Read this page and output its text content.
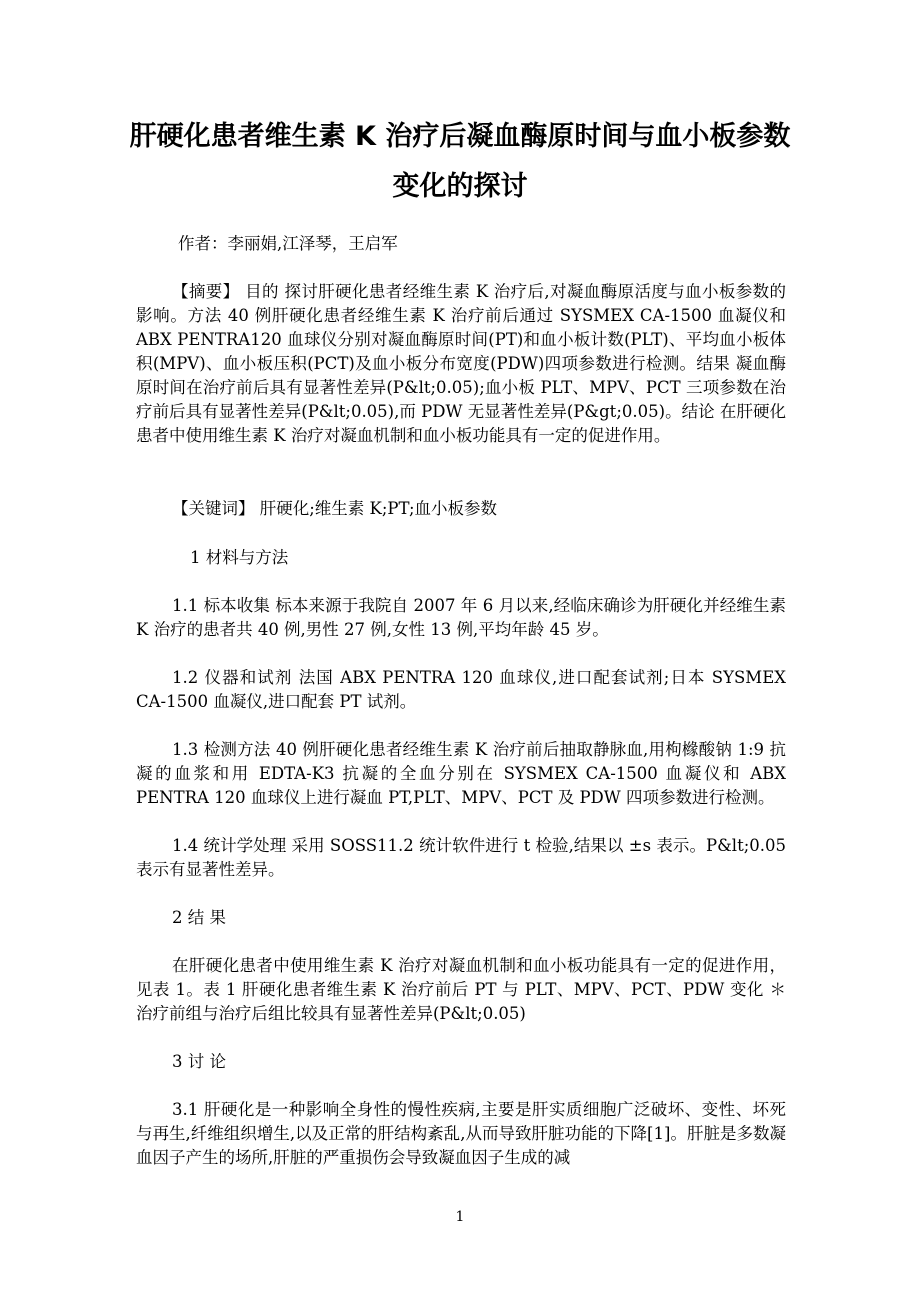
肝硬化患者维生素 K 治疗后凝血酶原时间与血小板参数变化的探讨

作者：李丽娟,江泽琴，王启军

【摘要】 目的 探讨肝硬化患者经维生素 K 治疗后,对凝血酶原活度与血小板参数的影响。方法 40 例肝硬化患者经维生素 K 治疗前后通过 SYSMEX CA-1500 血凝仪和 ABX PENTRA120 血球仪分别对凝血酶原时间(PT)和血小板计数(PLT)、平均血小板体积(MPV)、血小板压积(PCT)及血小板分布宽度(PDW)四项参数进行检测。结果 凝血酶原时间在治疗前后具有显著性差异(P&lt;0.05);血小板 PLT、MPV、PCT 三项参数在治疗前后具有显著性差异(P&lt;0.05),而 PDW 无显著性差异(P&gt;0.05)。结论 在肝硬化患者中使用维生素 K 治疗对凝血机制和血小板功能具有一定的促进作用。

【关键词】 肝硬化;维生素 K;PT;血小板参数

1 材料与方法

1.1 标本收集 标本来源于我院自 2007 年 6 月以来,经临床确诊为肝硬化并经维生素 K 治疗的患者共 40 例,男性 27 例,女性 13 例,平均年龄 45 岁。

1.2 仪器和试剂 法国 ABX PENTRA 120 血球仪,进口配套试剂;日本 SYSMEX CA-1500 血凝仪,进口配套 PT 试剂。

1.3 检测方法 40 例肝硬化患者经维生素 K 治疗前后抽取静脉血,用枸橼酸钠 1:9 抗凝的血浆和用 EDTA-K3 抗凝的全血分别在 SYSMEX CA-1500 血凝仪和 ABX PENTRA 120 血球仪上进行凝血 PT,PLT、MPV、PCT 及 PDW 四项参数进行检测。

1.4 统计学处理 采用 SOSS11.2 统计软件进行 t 检验,结果以 ±s 表示。P&lt;0.05 表示有显著性差异。

2 结 果

在肝硬化患者中使用维生素 K 治疗对凝血机制和血小板功能具有一定的促进作用，见表 1。表 1 肝硬化患者维生素 K 治疗前后 PT 与 PLT、MPV、PCT、PDW 变化 ＊ 治疗前组与治疗后组比较具有显著性差异(P&lt;0.05)

3 讨 论

3.1 肝硬化是一种影响全身性的慢性疾病,主要是肝实质细胞广泛破坏、变性、坏死与再生,纤维组织增生,以及正常的肝结构紊乱,从而导致肝脏功能的下降[1]。肝脏是多数凝血因子产生的场所,肝脏的严重损伤会导致凝血因子生成的减

1
